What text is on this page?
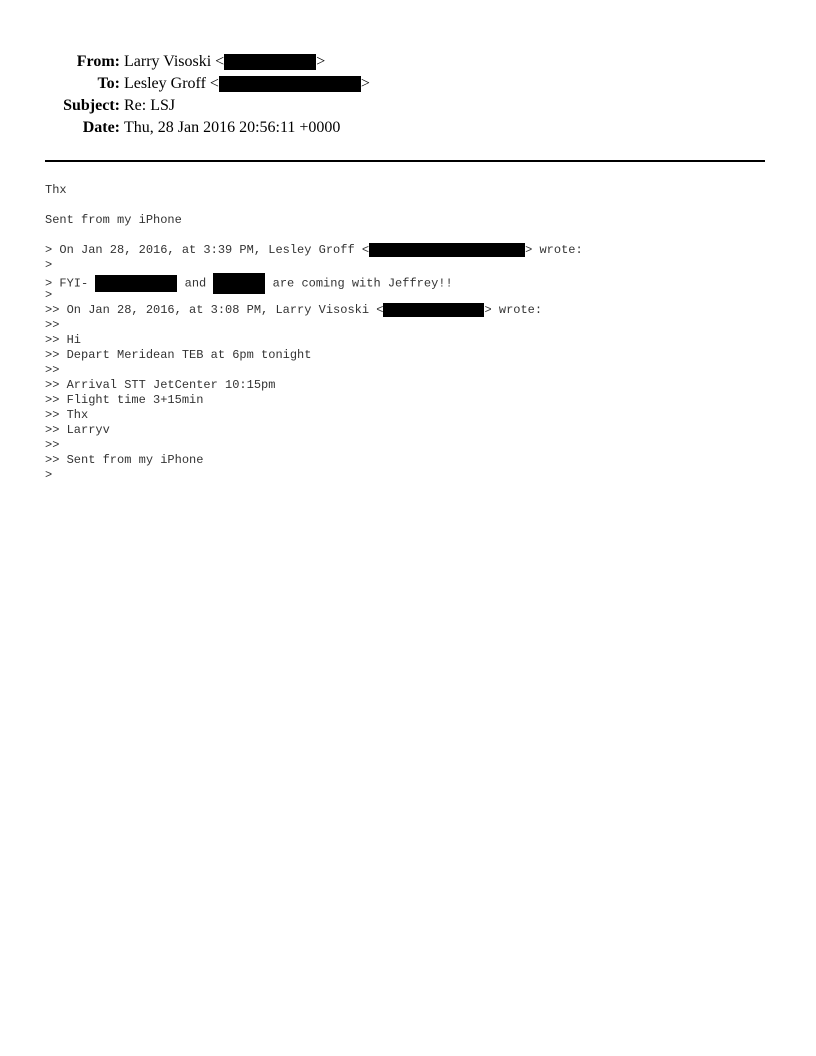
From: Larry Visoski <	>
To: Lesley Groff <	>
Subject: Re: LSJ
Date: Thu, 28 Jan 2016 20:56:11 +0000
Thx
Sent from my iPhone
> On Jan 28, 2016, at 3:39 PM, Lesley Groff <	> wrote:
>
> FYI-	and	are coming with Jeffrey!!
>
>> On Jan 28, 2016, at 3:08 PM, Larry Visoski <	> wrote:
>>
>> Hi
>> Depart Meridean TEB at 6pm tonight
>>
>> Arrival STT JetCenter 10:15pm
>> Flight time 3+15min
>> Thx
>> Larryv
>>
>> Sent from my iPhone
>
